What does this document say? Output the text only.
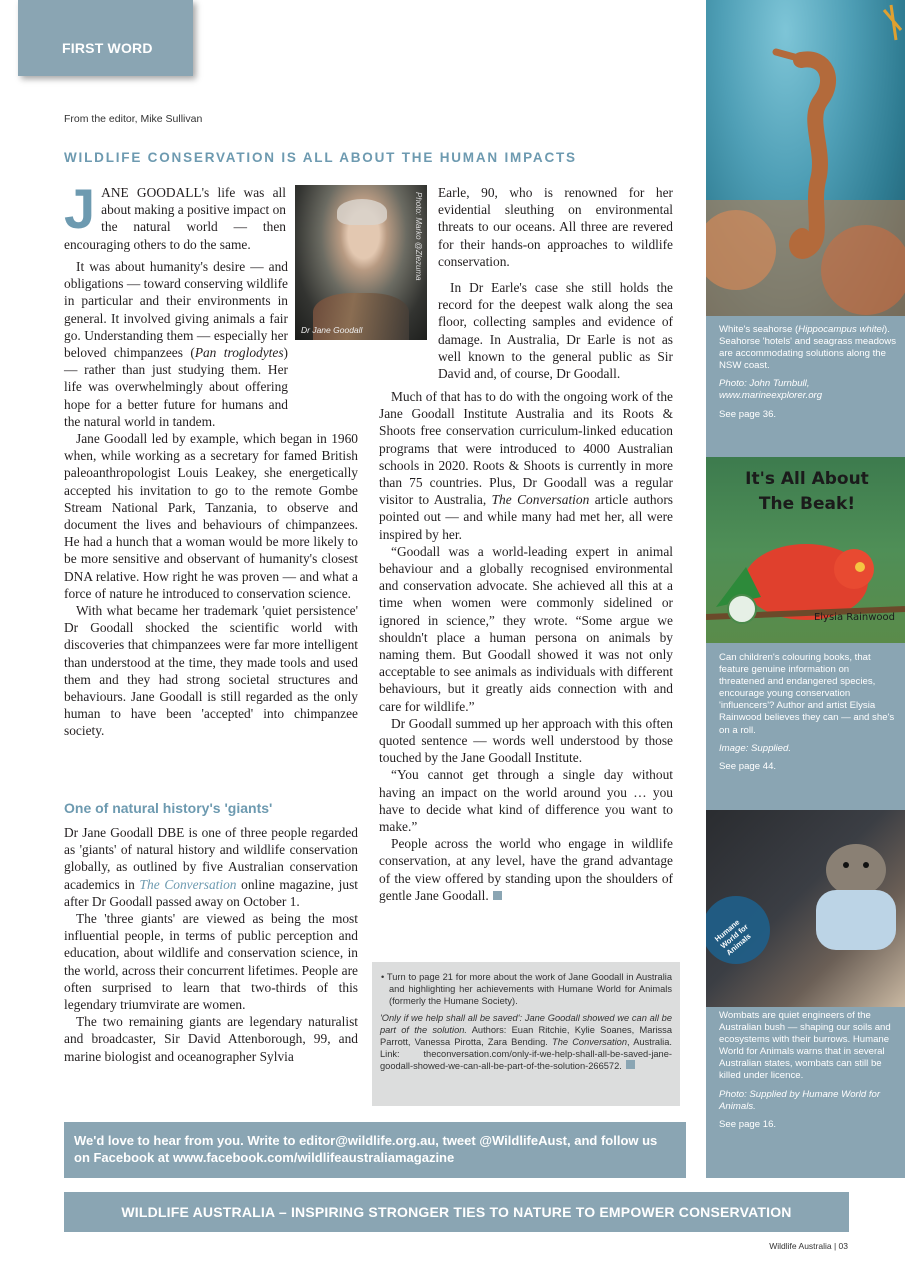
FIRST WORD
From the editor, Mike Sullivan
WILDLIFE CONSERVATION IS ALL ABOUT THE HUMAN IMPACTS

JANE GOODALL's life was all about making a positive impact on the natural world — then encouraging others to do the same.

Dr Jane Goodall
Photo: Marko @Zlezuma

It was about humanity's desire — and obligations — toward conserving wildlife in particular and their environments in general. It involved giving animals a fair go. Understanding them — especially her beloved chimpanzees (Pan troglodytes) — rather than just studying them. Her life was overwhelmingly about offering hope for a better future for humans and the natural world in tandem.

Jane Goodall led by example, which began in 1960 when, while working as a secretary for famed British paleoanthropologist Louis Leakey, she energetically accepted his invitation to go to the remote Gombe Stream National Park, Tanzania, to observe and document the lives and behaviours of chimpanzees. He had a hunch that a woman would be more likely to be more sensitive and observant of humanity's closest DNA relative. How right he was proven — and what a force of nature he introduced to conservation science.

With what became her trademark 'quiet persistence' Dr Goodall shocked the scientific world with discoveries that chimpanzees were far more intelligent than understood at the time, they made tools and used them and they had strong societal structures and behaviours. Jane Goodall is still regarded as the only human to have been 'accepted' into chimpanzee society.

One of natural history's 'giants'

Dr Jane Goodall DBE is one of three people regarded as 'giants' of natural history and wildlife conservation globally, as outlined by five Australian conservation academics in The Conversation online magazine, just after Dr Goodall passed away on October 1.

The 'three giants' are viewed as being the most influential people, in terms of public perception and education, about wildlife and conservation science, in the world, across their concurrent lifetimes. People are often surprised to learn that two-thirds of this legendary triumvirate are women.

The two remaining giants are legendary naturalist and broadcaster, Sir David Attenborough, 99, and marine biologist and oceanographer Sylvia

Earle, 90, who is renowned for her evidential sleuthing on environmental threats to our oceans. All three are revered for their hands-on approaches to wildlife conservation.

In Dr Earle's case she still holds the record for the deepest walk along the sea floor, collecting samples and evidence of damage. In Australia, Dr Earle is not as well known to the general public as Sir David and, of course, Dr Goodall.

Much of that has to do with the ongoing work of the Jane Goodall Institute Australia and its Roots & Shoots free conservation curriculum-linked education programs that were introduced to 4000 Australian schools in 2020. Roots & Shoots is currently in more than 75 countries. Plus, Dr Goodall was a regular visitor to Australia, The Conversation article authors pointed out — and while many had met her, all were inspired by her.

“Goodall was a world-leading expert in animal behaviour and a globally recognised environmental and conservation advocate. She achieved all this at a time when women were commonly sidelined or ignored in science,” they wrote. “Some argue we shouldn't place a human persona on animals by naming them. But Goodall showed it was not only acceptable to see animals as individuals with different behaviours, but it greatly aids connection with and care for wildlife.”

Dr Goodall summed up her approach with this often quoted sentence — words well understood by those touched by the Jane Goodall Institute.

“You cannot get through a single day without having an impact on the world around you … you have to decide what kind of difference you want to make.”

People across the world who engage in wildlife conservation, at any level, have the grand advantage of the view offered by standing upon the shoulders of gentle Jane Goodall.

• Turn to page 21 for more about the work of Jane Goodall in Australia and highlighting her achievements with Humane World for Animals (formerly the Humane Society).
'Only if we help shall all be saved': Jane Goodall showed we can all be part of the solution. Authors: Euan Ritchie, Kylie Soanes, Marissa Parrott, Vanessa Pirotta, Zara Bending. The Conversation, Australia. Link: theconversation.com/only-if-we-help-shall-all-be-saved-jane-goodall-showed-we-can-all-be-part-of-the-solution-266572.
We'd love to hear from you. Write to editor@wildlife.org.au, tweet @WildlifeAust, and follow us on Facebook at www.facebook.com/wildlifeaustraliamagazine
WILDLIFE AUSTRALIA – INSPIRING STRONGER TIES TO NATURE TO EMPOWER CONSERVATION
Wildlife Australia | 03
White's seahorse (Hippocampus whitei). Seahorse 'hotels' and seagrass meadows are accommodating solutions along the NSW coast.
Photo: John Turnbull, www.marineexplorer.org
See page 36.
It's All About The Beak!
Elysia Rainwood
Can children's colouring books, that feature genuine information on threatened and endangered species, encourage young conservation 'influencers'? Author and artist Elysia Rainwood believes they can — and she's on a roll.
Image: Supplied.
See page 44.
Humane World for Animals
Wombats are quiet engineers of the Australian bush — shaping our soils and ecosystems with their burrows. Humane World for Animals warns that in several Australian states, wombats can still be killed under licence.
Photo: Supplied by Humane World for Animals.
See page 16.
